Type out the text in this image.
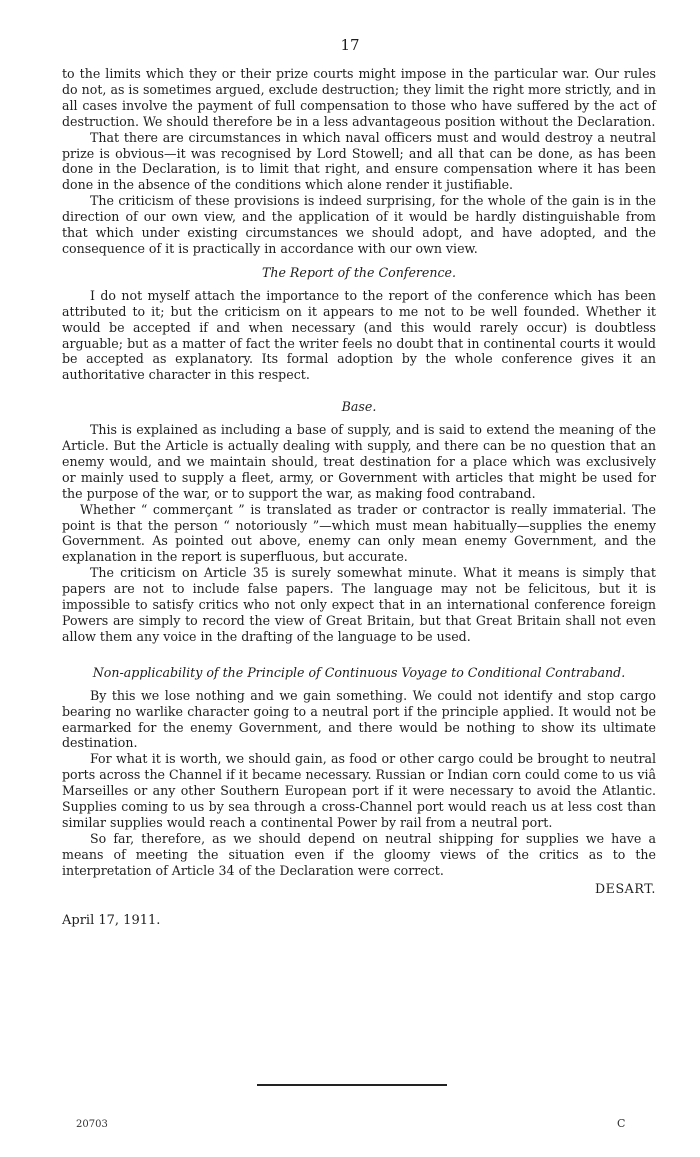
17

to the limits which they or their prize courts might impose in the particular war. Our rules do not, as is sometimes argued, exclude destruction; they limit the right more strictly, and in all cases involve the payment of full compensation to those who have suffered by the act of destruction. We should therefore be in a less advantageous position without the Declaration.

That there are circumstances in which naval officers must and would destroy a neutral prize is obvious—it was recognised by Lord Stowell; and all that can be done, as has been done in the Declaration, is to limit that right, and ensure compensation where it has been done in the absence of the conditions which alone render it justifiable.

The criticism of these provisions is indeed surprising, for the whole of the gain is in the direction of our own view, and the application of it would be hardly distinguishable from that which under existing circumstances we should adopt, and have adopted, and the consequence of it is practically in accordance with our own view.

The Report of the Conference.

I do not myself attach the importance to the report of the conference which has been attributed to it; but the criticism on it appears to me not to be well founded. Whether it would be accepted if and when necessary (and this would rarely occur) is doubtless arguable; but as a matter of fact the writer feels no doubt that in continental courts it would be accepted as explanatory. Its formal adoption by the whole conference gives it an authoritative character in this respect.

Base.

This is explained as including a base of supply, and is said to extend the meaning of the Article. But the Article is actually dealing with supply, and there can be no question that an enemy would, and we maintain should, treat destination for a place which was exclusively or mainly used to supply a fleet, army, or Government with articles that might be used for the purpose of the war, or to support the war, as making food contraband.

Whether “ commerçant ” is translated as trader or contractor is really immaterial. The point is that the person “ notoriously ”—which must mean habitually—supplies the enemy Government. As pointed out above, enemy can only mean enemy Government, and the explanation in the report is superfluous, but accurate.

The criticism on Article 35 is surely somewhat minute. What it means is simply that papers are not to include false papers. The language may not be felicitous, but it is impossible to satisfy critics who not only expect that in an international conference foreign Powers are simply to record the view of Great Britain, but that Great Britain shall not even allow them any voice in the drafting of the language to be used.

Non-applicability of the Principle of Continuous Voyage to Conditional Contraband.

By this we lose nothing and we gain something. We could not identify and stop cargo bearing no warlike character going to a neutral port if the principle applied. It would not be earmarked for the enemy Government, and there would be nothing to show its ultimate destination.

For what it is worth, we should gain, as food or other cargo could be brought to neutral ports across the Channel if it became necessary. Russian or Indian corn could come to us viâ Marseilles or any other Southern European port if it were necessary to avoid the Atlantic. Supplies coming to us by sea through a cross-Channel port would reach us at less cost than similar supplies would reach a continental Power by rail from a neutral port.

So far, therefore, as we should depend on neutral shipping for supplies we have a means of meeting the situation even if the gloomy views of the critics as to the interpretation of Article 34 of the Declaration were correct.

DESART.
April 17, 1911.
20703	C
